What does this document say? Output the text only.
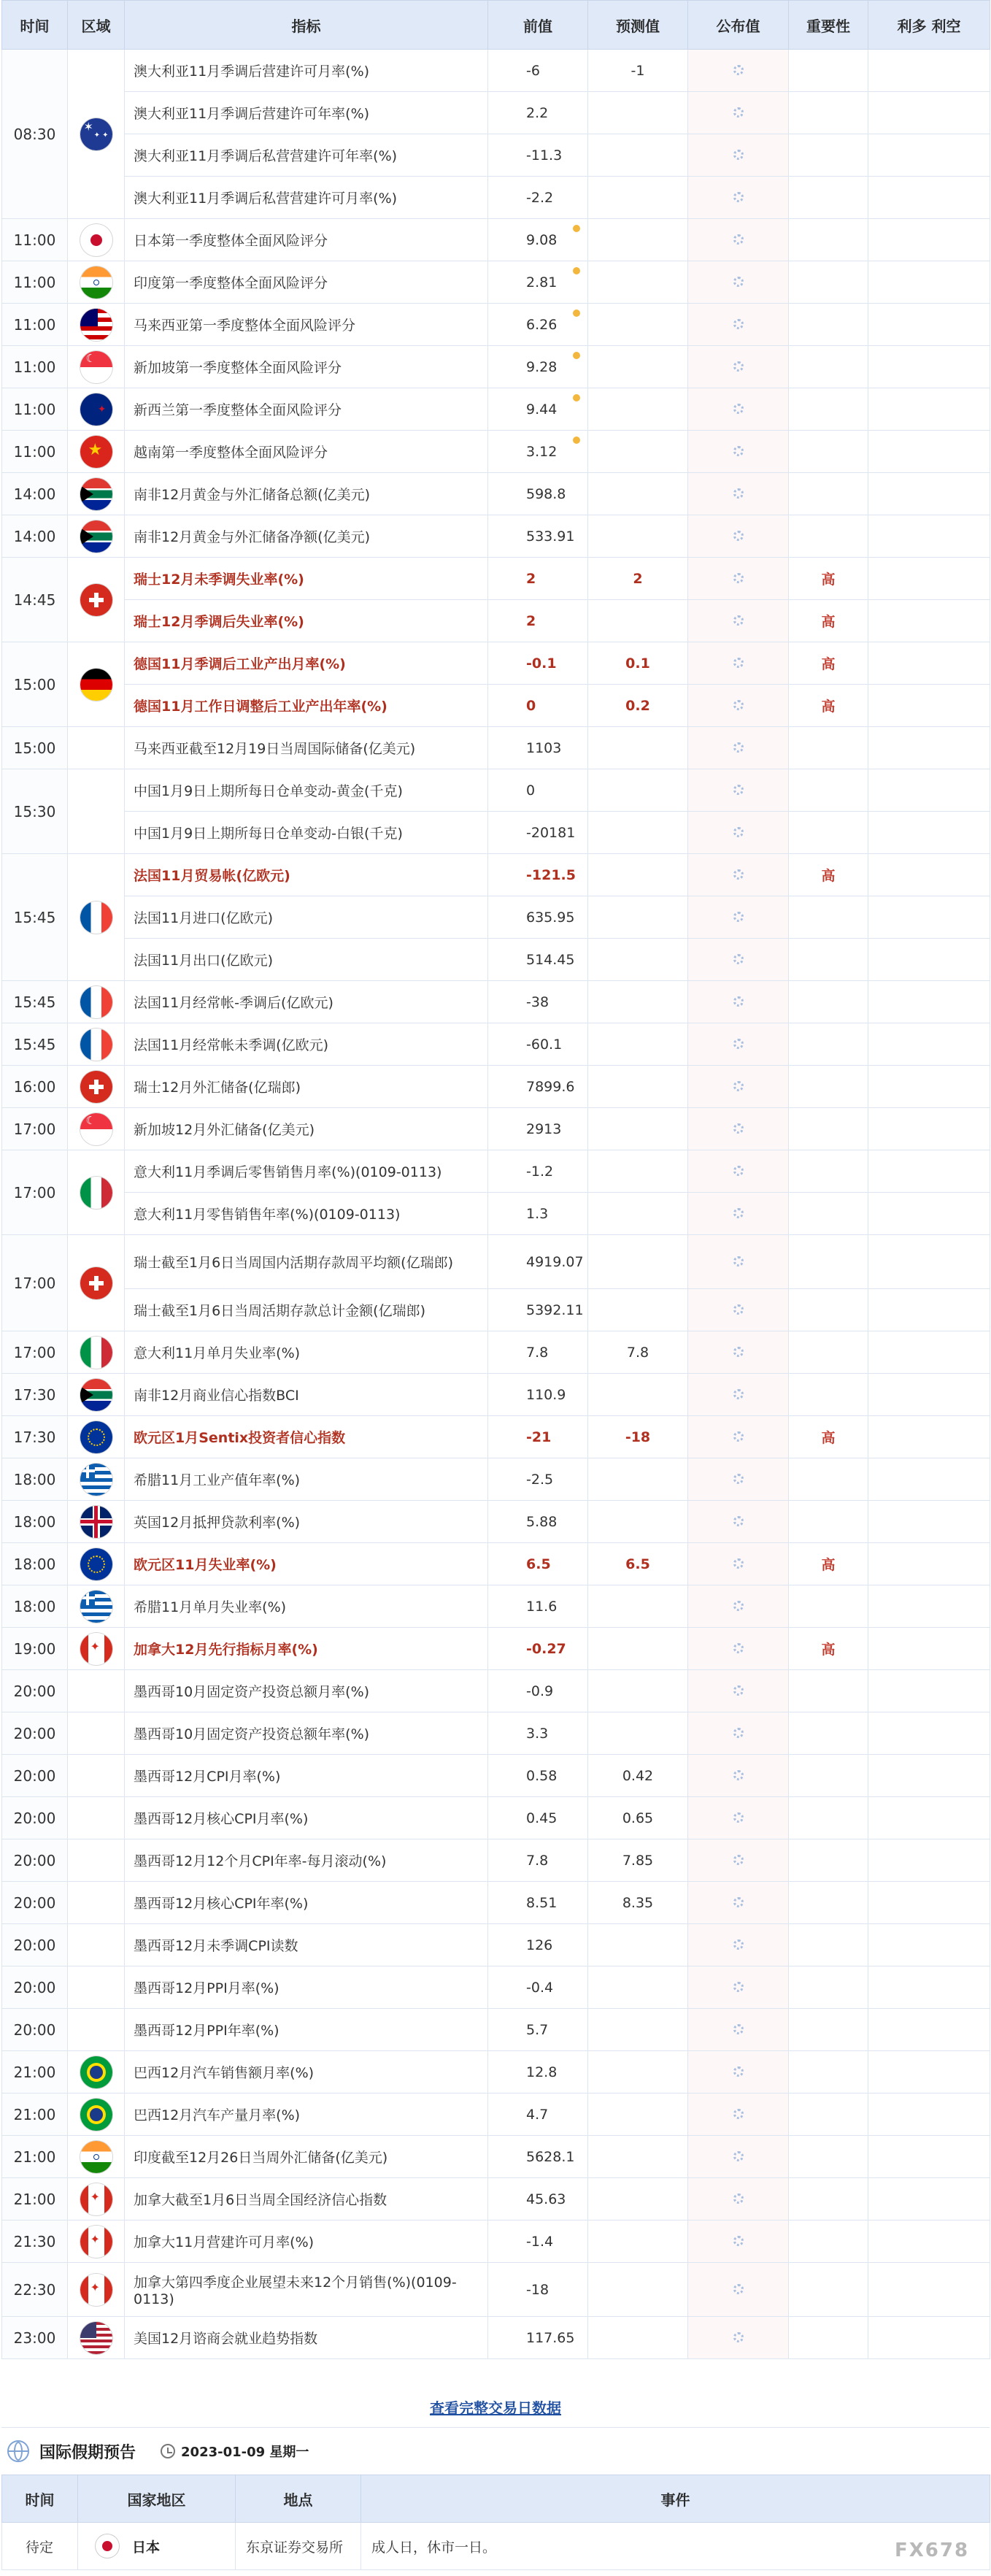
时间	区域	指标	前值	预测值	公布值	重要性	利多 利空
08:30	✶ ✦ ✦	澳大利亚11月季调后营建许可月率(%)	-6	-1			
		澳大利亚11月季调后营建许可年率(%)	2.2				
		澳大利亚11月季调后私营营建许可年率(%)	-11.3				
		澳大利亚11月季调后私营营建许可月率(%)	-2.2				
11:00		日本第一季度整体全面风险评分	9.08

11:00		印度第一季度整体全面风险评分	2.81

11:00		马来西亚第一季度整体全面风险评分	6.26

11:00	☾	新加坡第一季度整体全面风险评分	9.28

11:00	✦	新西兰第一季度整体全面风险评分	9.44

11:00	★	越南第一季度整体全面风险评分	3.12

14:00		南非12月黄金与外汇储备总额(亿美元)	598.8				
14:00		南非12月黄金与外汇储备净额(亿美元)	533.91				
14:45		瑞士12月未季调失业率(%)	2	2		高	
		瑞士12月季调后失业率(%)	2			高	
15:00		德国11月季调后工业产出月率(%)	-0.1	0.1		高	
		德国11月工作日调整后工业产出年率(%)	0	0.2		高	
15:00		马来西亚截至12月19日当周国际储备(亿美元)	1103				
15:30		中国1月9日上期所每日仓单变动-黄金(千克)	0				
		中国1月9日上期所每日仓单变动-白银(千克)	-20181				
15:45		法国11月贸易帐(亿欧元)	-121.5			高	
		法国11月进口(亿欧元)	635.95				
		法国11月出口(亿欧元)	514.45				
15:45		法国11月经常帐-季调后(亿欧元)	-38				
15:45		法国11月经常帐未季调(亿欧元)	-60.1				
16:00		瑞士12月外汇储备(亿瑞郎)	7899.6				
17:00	☾	新加坡12月外汇储备(亿美元)	2913				
17:00		意大利11月季调后零售销售月率(%)(0109-0113)	-1.2				
		意大利11月零售销售年率(%)(0109-0113)	1.3				
17:00		瑞士截至1月6日当周国内活期存款周平均额(亿瑞郎)	4919.07				
		瑞士截至1月6日当周活期存款总计金额(亿瑞郎)	5392.11				
17:00		意大利11月单月失业率(%)	7.8	7.8			
17:30		南非12月商业信心指数BCI	110.9				
17:30		欧元区1月Sentix投资者信心指数	-21	-18		高	
18:00		希腊11月工业产值年率(%)	-2.5				
18:00		英国12月抵押贷款利率(%)	5.88				
18:00		欧元区11月失业率(%)	6.5	6.5		高	
18:00		希腊11月单月失业率(%)	11.6				
19:00	✦	加拿大12月先行指标月率(%)	-0.27			高	
20:00		墨西哥10月固定资产投资总额月率(%)	-0.9				
20:00		墨西哥10月固定资产投资总额年率(%)	3.3				
20:00		墨西哥12月CPI月率(%)	0.58	0.42			
20:00		墨西哥12月核心CPI月率(%)	0.45	0.65			
20:00		墨西哥12月12个月CPI年率-每月滚动(%)	7.8	7.85			
20:00		墨西哥12月核心CPI年率(%)	8.51	8.35			
20:00		墨西哥12月未季调CPI读数	126				
20:00		墨西哥12月PPI月率(%)	-0.4				
20:00		墨西哥12月PPI年率(%)	5.7				
21:00		巴西12月汽车销售额月率(%)	12.8				
21:00		巴西12月汽车产量月率(%)	4.7				
21:00		印度截至12月26日当周外汇储备(亿美元)	5628.1				
21:00	✦	加拿大截至1月6日当周全国经济信心指数	45.63				
21:30	✦	加拿大11月营建许可月率(%)	-1.4				
22:30	✦	加拿大第四季度企业展望未来12个月销售(%)(0109-0113)	-18				
23:00		美国12月谘商会就业趋势指数	117.65				
查看完整交易日数据
国际假期预告	2023-01-09 星期一
时间	国家地区	地点	事件
待定	日本	东京证券交易所	成人日，休市一日。	FX678
